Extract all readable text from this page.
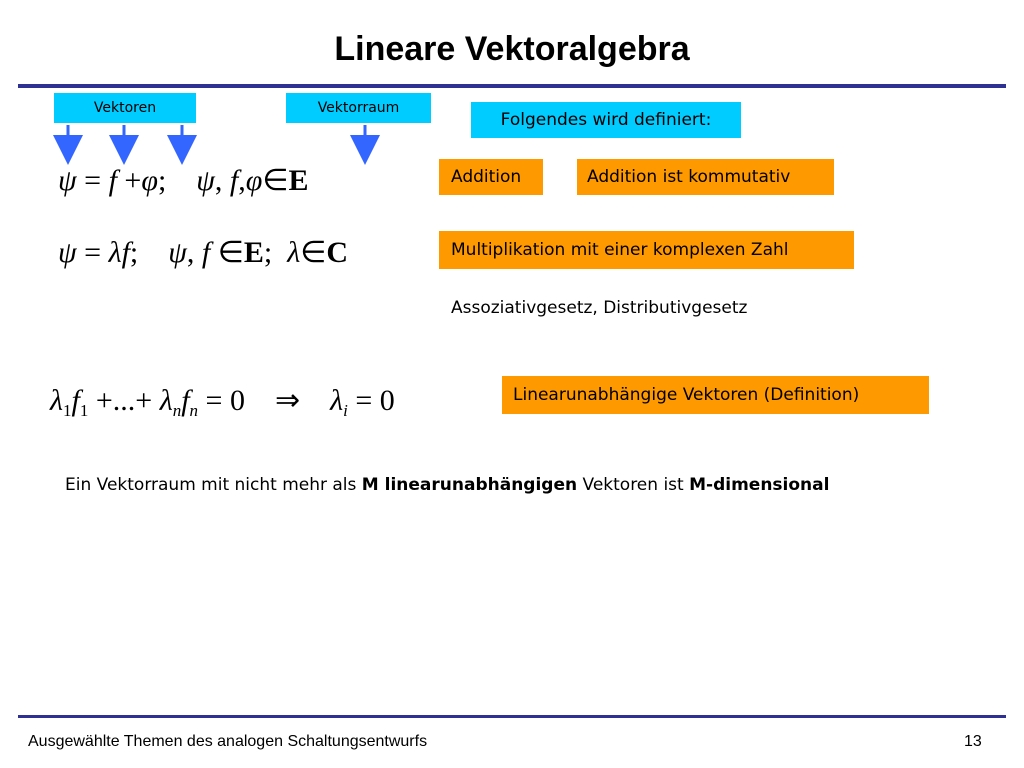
Lineare Vektoralgebra
Vektoren	Vektorraum
Folgendes wird definiert:
ψ = f +φ; ψ, f,φ∈E
ψ = λf; ψ, f ∈E; λ∈C
$\lambda_1f_1$ +...+ $\lambda_nf_n = 0$ ⇒ $\lambda_i = 0$
Addition	Addition ist kommutativ
Multiplikation mit einer komplexen Zahl
Assoziativgesetz, Distributivgesetz
Linearunabhängige Vektoren (Definition)
Ein Vektorraum mit nicht mehr als M linearunabhängigen Vektoren ist M-dimensional
Ausgewählte Themen des analogen Schaltungsentwurfs	13
